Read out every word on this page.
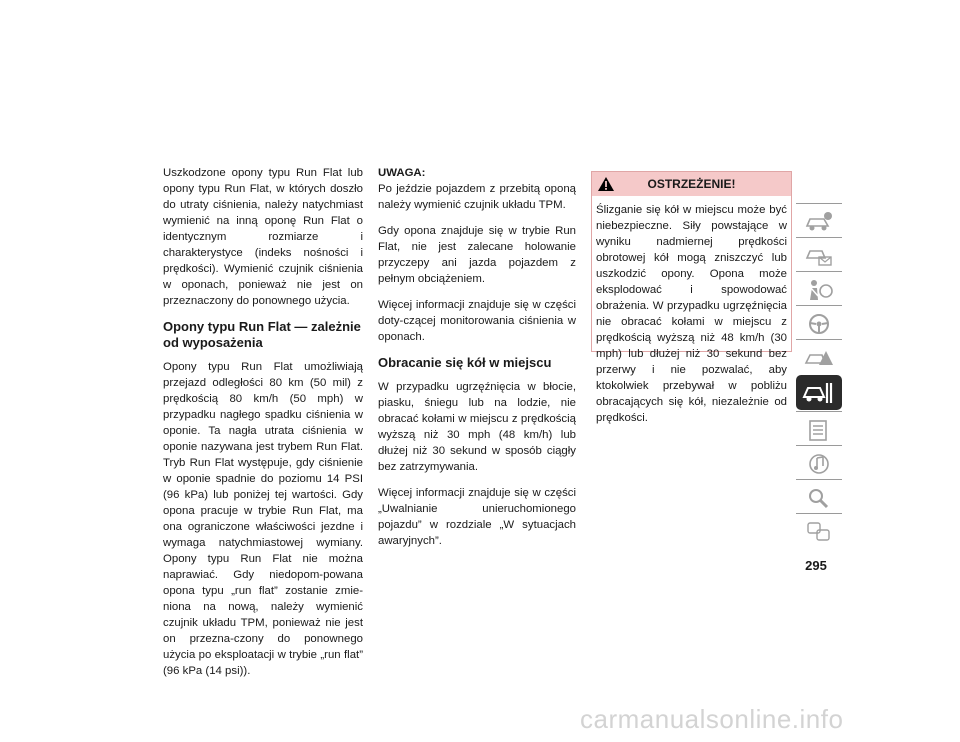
Uszkodzone opony typu Run Flat lub opony typu Run Flat, w których doszło do utraty ciśnienia, należy natychmiast wymienić na inną oponę Run Flat o identycznym rozmiarze i charakterystyce (indeks nośności i prędkości). Wymienić czujnik ciśnienia w oponach, ponieważ nie jest on przeznaczony do ponownego użycia.

Opony typu Run Flat — zależnie od wyposażenia

Opony typu Run Flat umożliwiają przejazd odległości 80 km (50 mil) z prędkością 80 km/h (50 mph) w przypadku nagłego spadku ciśnienia w oponie. Ta nagła utrata ciśnienia w oponie nazywana jest trybem Run Flat. Tryb Run Flat występuje, gdy ciśnienie w oponie spadnie do poziomu 14 PSI (96 kPa) lub poniżej tej wartości. Gdy opona pracuje w trybie Run Flat, ma ona ograniczone właściwości jezdne i wymaga natychmiastowej wymiany. Opony typu Run Flat nie można naprawiać. Gdy niedopom-powana opona typu „run flat” zostanie zmie-niona na nową, należy wymienić czujnik układu TPM, ponieważ nie jest on przezna-czony do ponownego użycia po eksploatacji w trybie „run flat” (96 kPa (14 psi)).

UWAGA:
Po jeździe pojazdem z przebitą oponą należy wymienić czujnik układu TPM.

Gdy opona znajduje się w trybie Run Flat, nie jest zalecane holowanie przyczepy ani jazda pojazdem z pełnym obciążeniem.

Więcej informacji znajduje się w części doty-czącej monitorowania ciśnienia w oponach.

Obracanie się kół w miejscu

W przypadku ugrzęźnięcia w błocie, piasku, śniegu lub na lodzie, nie obracać kołami w miejscu z prędkością wyższą niż 30 mph (48 km/h) lub dłużej niż 30 sekund w sposób ciągły bez zatrzymywania.

Więcej informacji znajduje się w części „Uwalnianie unieruchomionego pojazdu” w rozdziale „W sytuacjach awaryjnych”.

OSTRZEŻENIE!
Ślizganie się kół w miejscu może być niebezpieczne. Siły powstające w wyniku nadmiernej prędkości obrotowej kół mogą zniszczyć lub uszkodzić opony. Opona może eksplodować i spowodować obrażenia. W przypadku ugrzęźnięcia nie obracać kołami w miejscu z prędkością wyższą niż 48 km/h (30 mph) lub dłużej niż 30 sekund bez przerwy i nie pozwalać, aby ktokolwiek przebywał w pobliżu obracających się kół, niezależnie od prędkości.
295
carmanualsonline.info
